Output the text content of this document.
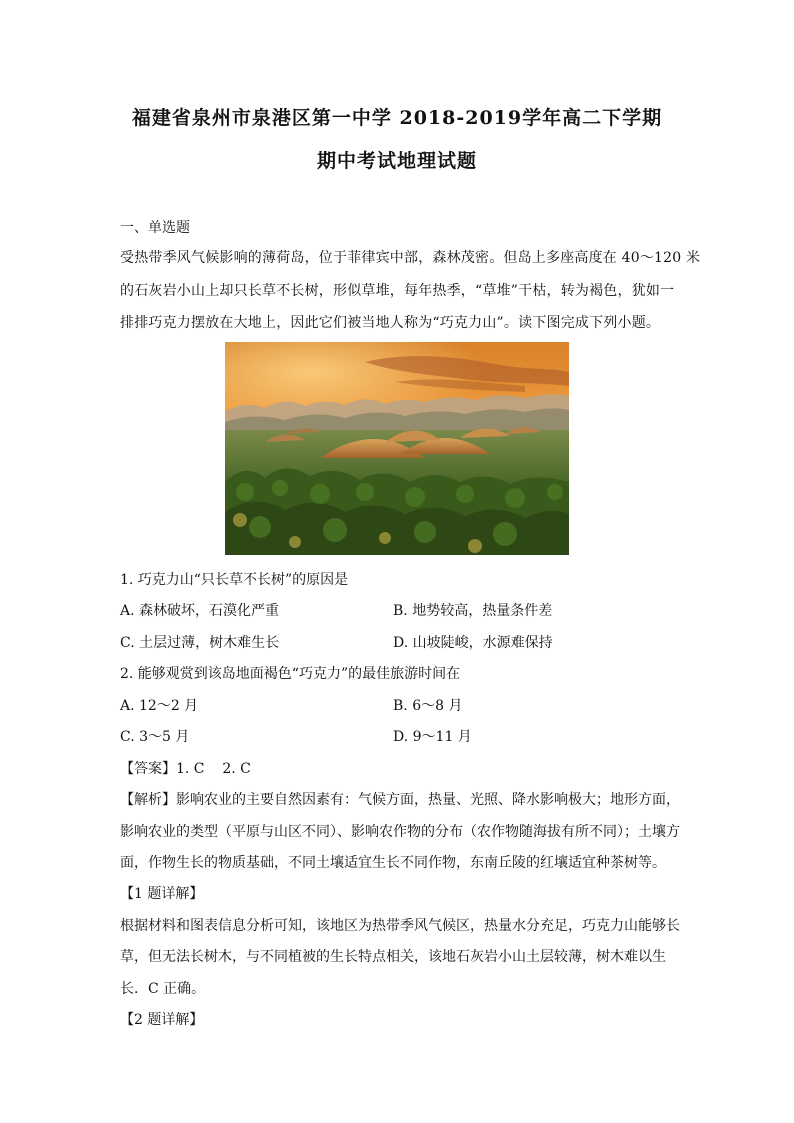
福建省泉州市泉港区第一中学 2018-2019学年高二下学期
期中考试地理试题
一、单选题
受热带季风气候影响的薄荷岛，位于菲律宾中部，森林茂密。但岛上多座高度在 40～120 米
的石灰岩小山上却只长草不长树，形似草堆，每年热季，“草堆”干枯，转为褐色，犹如一
排排巧克力摆放在大地上，因此它们被当地人称为“巧克力山”。读下图完成下列小题。
1. 巧克力山“只长草不长树”的原因是
A. 森林破坏，石漠化严重	B. 地势较高，热量条件差
C. 土层过薄，树木难生长	D. 山坡陡峻，水源难保持
2. 能够观赏到该岛地面褐色“巧克力”的最佳旅游时间在
A. 12～2 月	B. 6～8 月
C. 3～5 月	D. 9～11 月
【答案】1. C    2. C
【解析】影响农业的主要自然因素有：气候方面，热量、光照、降水影响极大；地形方面，
影响农业的类型（平原与山区不同）、影响农作物的分布（农作物随海拔有所不同）；土壤方
面，作物生长的物质基础，不同土壤适宜生长不同作物，东南丘陵的红壤适宜种茶树等。
【1 题详解】
根据材料和图表信息分析可知，该地区为热带季风气候区，热量水分充足，巧克力山能够长
草，但无法长树木，与不同植被的生长特点相关，该地石灰岩小山土层较薄，树木难以生
长．C 正确。
【2 题详解】
